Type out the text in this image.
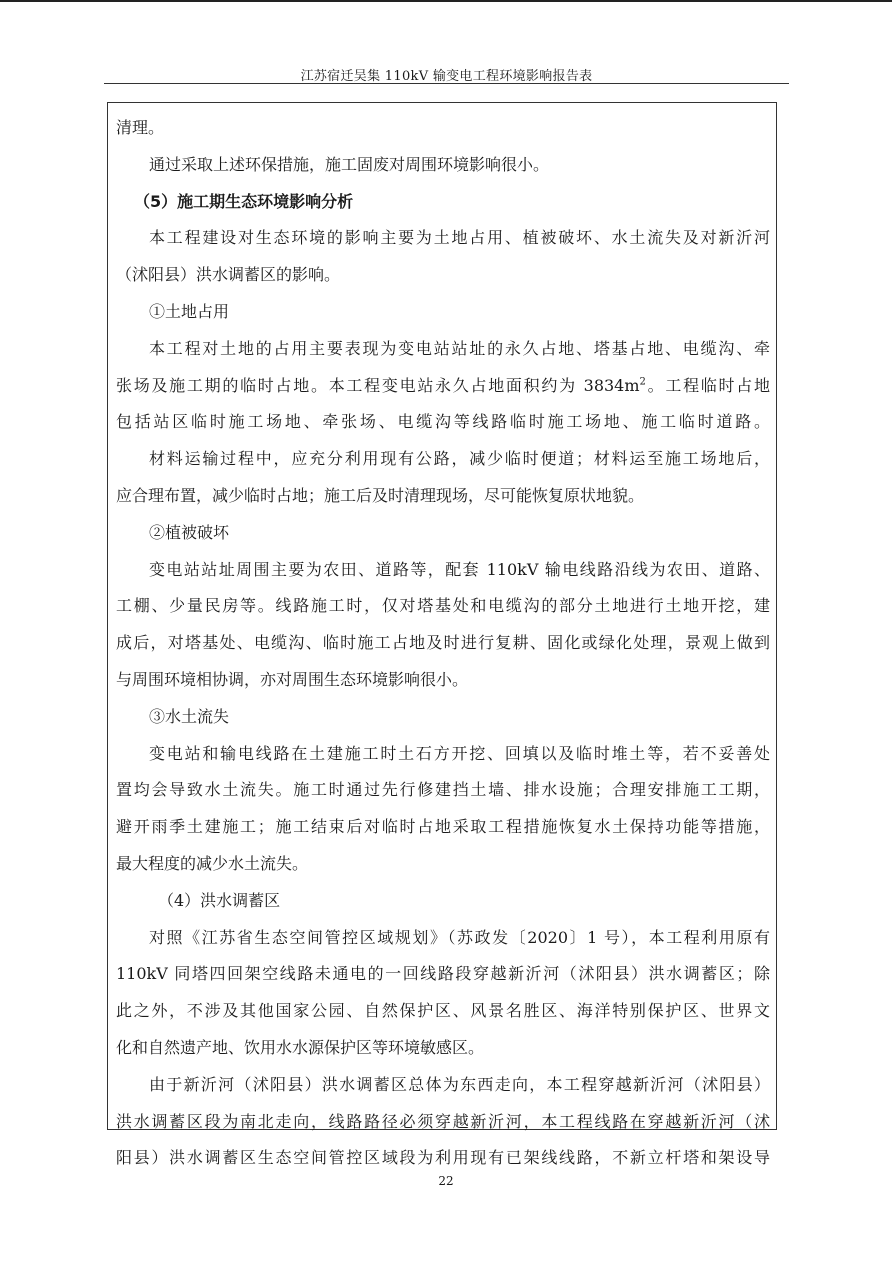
江苏宿迁吴集 110kV 输变电工程环境影响报告表
清理。
通过采取上述环保措施，施工固废对周围环境影响很小。
（5）施工期生态环境影响分析
本工程建设对生态环境的影响主要为土地占用、植被破坏、水土流失及对新沂河
（沭阳县）洪水调蓄区的影响。
①土地占用
本工程对土地的占用主要表现为变电站站址的永久占地、塔基占地、电缆沟、牵
张场及施工期的临时占地。本工程变电站永久占地面积约为 $3834m^2$。工程临时占地
包括站区临时施工场地、牵张场、电缆沟等线路临时施工场地、施工临时道路。
材料运输过程中，应充分利用现有公路，减少临时便道；材料运至施工场地后，
应合理布置，减少临时占地；施工后及时清理现场，尽可能恢复原状地貌。
②植被破坏
变电站站址周围主要为农田、道路等，配套 110kV 输电线路沿线为农田、道路、
工棚、少量民房等。线路施工时，仅对塔基处和电缆沟的部分土地进行土地开挖，建
成后，对塔基处、电缆沟、临时施工占地及时进行复耕、固化或绿化处理，景观上做到
与周围环境相协调，亦对周围生态环境影响很小。
③水土流失
变电站和输电线路在土建施工时土石方开挖、回填以及临时堆土等，若不妥善处
置均会导致水土流失。施工时通过先行修建挡土墙、排水设施；合理安排施工工期，
避开雨季土建施工；施工结束后对临时占地采取工程措施恢复水土保持功能等措施，
最大程度的减少水土流失。
（4）洪水调蓄区
对照《江苏省生态空间管控区域规划》（苏政发〔2020〕1 号），本工程利用原有
110kV 同塔四回架空线路未通电的一回线路段穿越新沂河（沭阳县）洪水调蓄区；除
此之外，不涉及其他国家公园、自然保护区、风景名胜区、海洋特别保护区、世界文
化和自然遗产地、饮用水水源保护区等环境敏感区。
由于新沂河（沭阳县）洪水调蓄区总体为东西走向，本工程穿越新沂河（沭阳县）
洪水调蓄区段为南北走向，线路路径必须穿越新沂河，本工程线路在穿越新沂河（沭
阳县）洪水调蓄区生态空间管控区域段为利用现有已架线线路，不新立杆塔和架设导
22
